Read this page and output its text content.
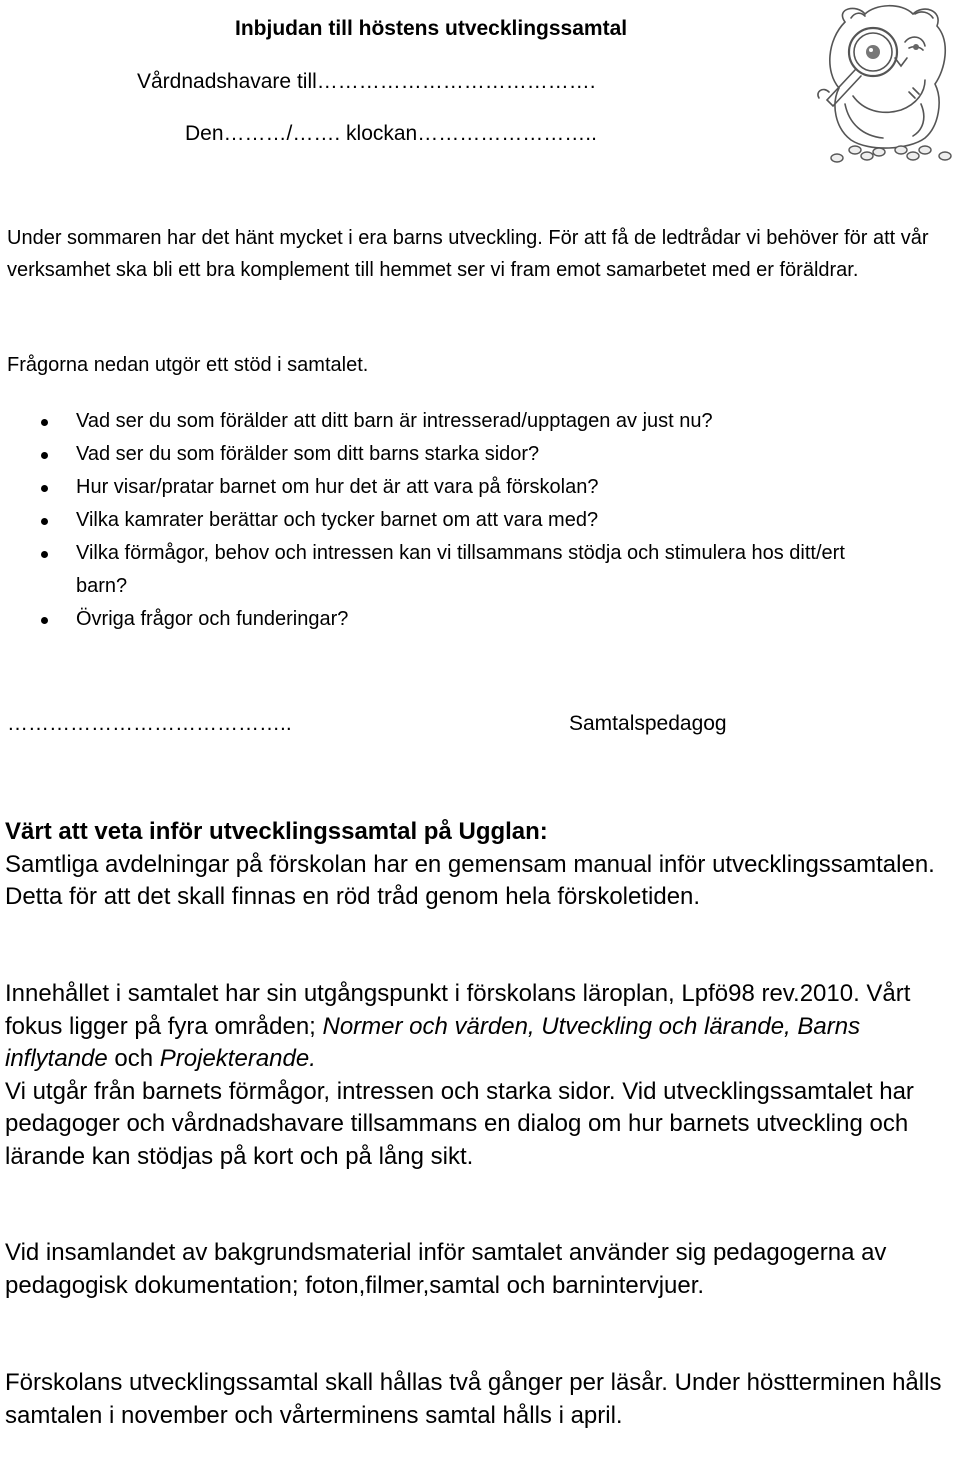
Inbjudan till höstens utvecklingssamtal
Vårdnadshavare till………………………………….
Den………/……. klockan……………………..

Under sommaren har det hänt mycket i era barns utveckling. För att få de ledtrådar vi behöver för att vår verksamhet ska bli ett bra komplement till hemmet ser vi fram emot samarbetet med er föräldrar.

Frågorna nedan utgör ett stöd i samtalet.

Vad ser du som förälder att ditt barn är intresserad/upptagen av just nu?
Vad ser du som förälder som ditt barns starka sidor?
Hur visar/pratar barnet om hur det är att vara på förskolan?
Vilka kamrater berättar och tycker barnet om att vara med?
Vilka förmågor, behov och intressen kan vi tillsammans stödja och stimulera hos ditt/ert barn?
Övriga frågor och funderingar?
…………………………………..	Samtalspedagog

Värt att veta inför utvecklingssamtal på Ugglan:

Samtliga avdelningar på förskolan har en gemensam manual inför utvecklingssamtalen. Detta för att det skall finnas en röd tråd genom hela förskoletiden.

Innehållet i samtalet har sin utgångspunkt i förskolans läroplan, Lpfö98 rev.2010. Vårt fokus ligger på fyra områden; Normer och värden, Utveckling och lärande, Barns inflytande och Projekterande.

Vi utgår från barnets förmågor, intressen och starka sidor. Vid utvecklingssamtalet har pedagoger och vårdnadshavare tillsammans en dialog om hur barnets utveckling och lärande kan stödjas på kort och på lång sikt.

Vid insamlandet av bakgrundsmaterial inför samtalet använder sig pedagogerna av pedagogisk dokumentation; foton,filmer,samtal och barnintervjuer.

Förskolans utvecklingssamtal skall hållas två gånger per läsår. Under höstterminen hålls samtalen i november och vårterminens samtal hålls i april.
